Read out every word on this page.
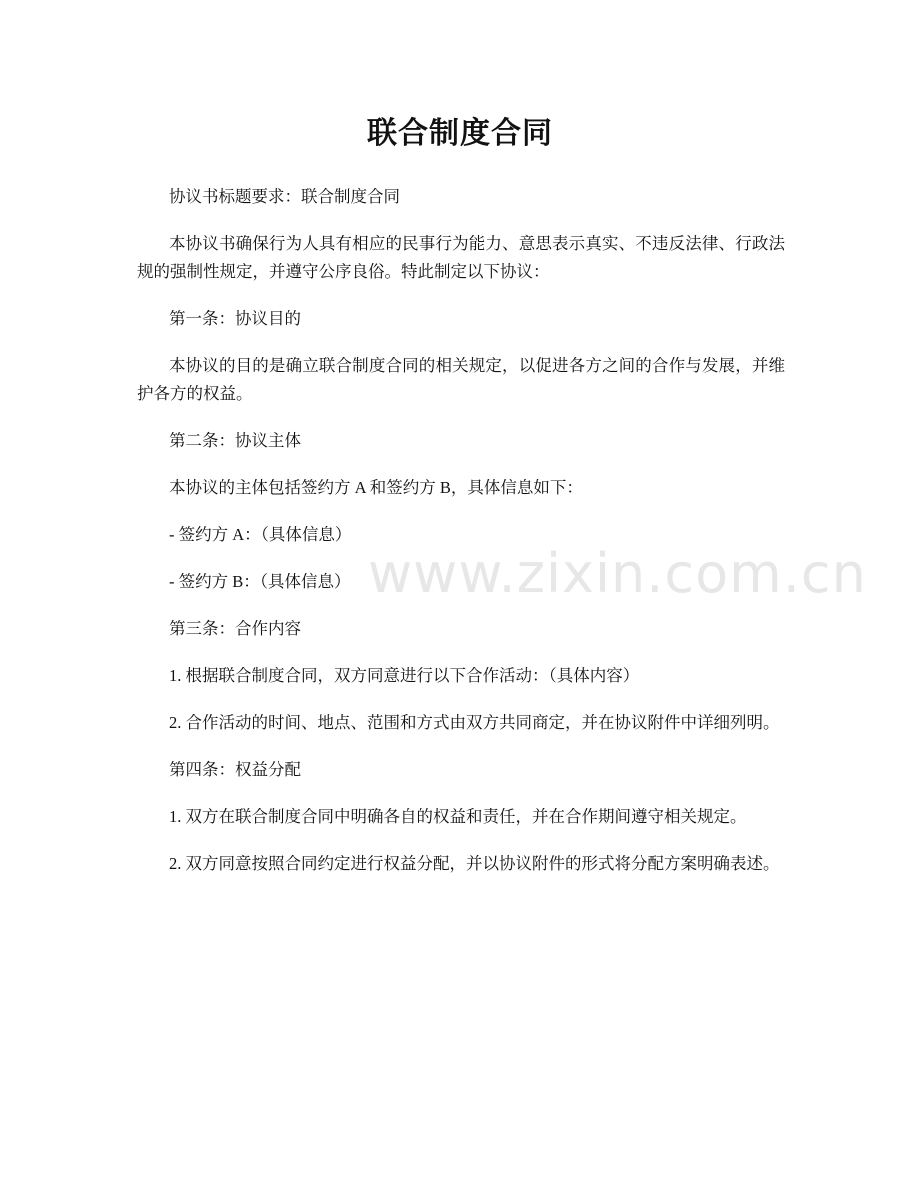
联合制度合同

协议书标题要求：联合制度合同

本协议书确保行为人具有相应的民事行为能力、意思表示真实、不违反法律、行政法规的强制性规定，并遵守公序良俗。特此制定以下协议：

第一条：协议目的

本协议的目的是确立联合制度合同的相关规定，以促进各方之间的合作与发展，并维护各方的权益。

第二条：协议主体

本协议的主体包括签约方 A 和签约方 B，具体信息如下：

- 签约方 A：（具体信息）

- 签约方 B：（具体信息）

第三条：合作内容

1. 根据联合制度合同，双方同意进行以下合作活动：（具体内容）

2. 合作活动的时间、地点、范围和方式由双方共同商定，并在协议附件中详细列明。

第四条：权益分配

1. 双方在联合制度合同中明确各自的权益和责任，并在合作期间遵守相关规定。

2. 双方同意按照合同约定进行权益分配，并以协议附件的形式将分配方案明确表述。

www.zixin.com.cn
